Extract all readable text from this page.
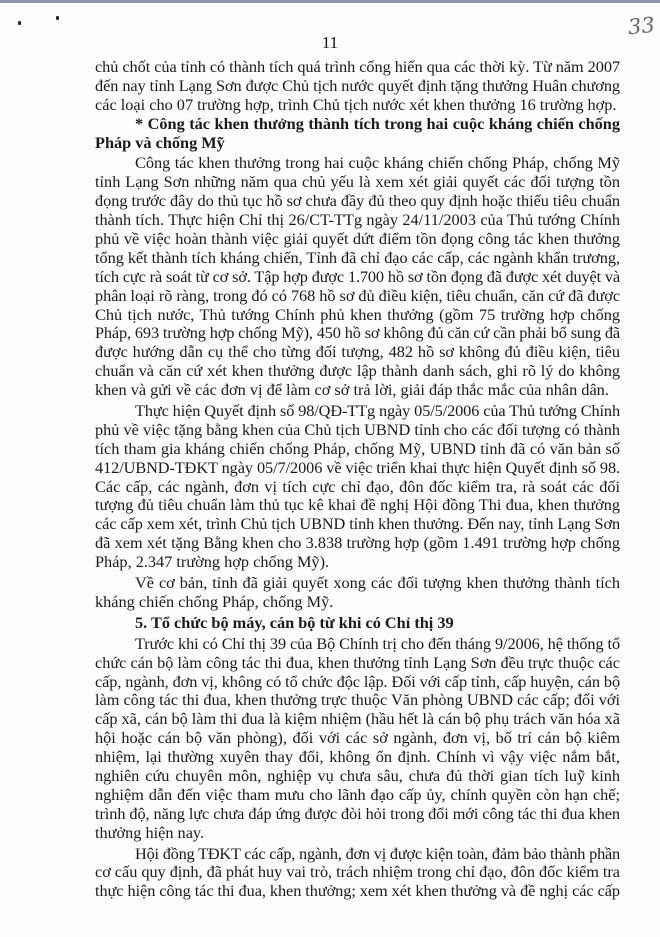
33
11
chủ chốt của tỉnh có thành tích quá trình cống hiến qua các thời kỳ. Từ năm 2007
đến nay tỉnh Lạng Sơn được Chủ tịch nước quyết định tặng thưởng Huân chương
các loại cho 07 trường hợp, trình Chủ tịch nước xét khen thưởng 16 trường hợp.
* Công tác khen thưởng thành tích trong hai cuộc kháng chiến chống
Pháp và chống Mỹ
Công tác khen thưởng trong hai cuộc kháng chiến chống Pháp, chống Mỹ
tỉnh Lạng Sơn những năm qua chủ yếu là xem xét giải quyết các đối tượng tồn
đọng trước đây do thủ tục hồ sơ chưa đầy đủ theo quy định hoặc thiếu tiêu chuẩn
thành tích. Thực hiện Chỉ thị 26/CT-TTg ngày 24/11/2003 của Thủ tướng Chính
phủ về việc hoàn thành việc giải quyết dứt điểm tồn đọng công tác khen thưởng
tổng kết thành tích kháng chiến, Tỉnh đã chỉ đạo các cấp, các ngành khẩn trương,
tích cực rà soát từ cơ sở. Tập hợp được 1.700 hồ sơ tồn đọng đã được xét duyệt và
phân loại rõ ràng, trong đó có 768 hồ sơ đủ điều kiện, tiêu chuẩn, căn cứ đã được
Chủ tịch nước, Thủ tướng Chính phủ khen thưởng (gồm 75 trường hợp chống
Pháp, 693 trường hợp chống Mỹ), 450 hồ sơ không đủ căn cứ cần phải bổ sung đã
được hướng dẫn cụ thể cho từng đối tượng, 482 hồ sơ không đủ điều kiện, tiêu
chuẩn và căn cứ xét khen thưởng được lập thành danh sách, ghi rõ lý do không
khen và gửi về các đơn vị để làm cơ sở trả lời, giải đáp thắc mắc của nhân dân.
Thực hiện Quyết định số 98/QĐ-TTg ngày 05/5/2006 của Thủ tướng Chính
phủ về việc tặng bằng khen của Chủ tịch UBND tỉnh cho các đối tượng có thành
tích tham gia kháng chiến chống Pháp, chống Mỹ, UBND tỉnh đã có văn bản số
412/UBND-TĐKT ngày 05/7/2006 về việc triển khai thực hiện Quyết định số 98.
Các cấp, các ngành, đơn vị tích cực chỉ đạo, đôn đốc kiểm tra, rà soát các đối
tượng đủ tiêu chuẩn làm thủ tục kê khai đề nghị Hội đồng Thi đua, khen thưởng
các cấp xem xét, trình Chủ tịch UBND tỉnh khen thưởng. Đến nay, tỉnh Lạng Sơn
đã xem xét tặng Bằng khen cho 3.838 trường hợp (gồm 1.491 trường hợp chống
Pháp, 2.347 trường hợp chống Mỹ).
Về cơ bản, tỉnh đã giải quyết xong các đối tượng khen thưởng thành tích
kháng chiến chống Pháp, chống Mỹ.
5. Tổ chức bộ máy, cán bộ từ khi có Chỉ thị 39
Trước khi có Chỉ thị 39 của Bộ Chính trị cho đến tháng 9/2006, hệ thống tổ
chức cán bộ làm công tác thi đua, khen thưởng tỉnh Lạng Sơn đều trực thuộc các
cấp, ngành, đơn vị, không có tổ chức độc lập. Đối với cấp tỉnh, cấp huyện, cán bộ
làm công tác thi đua, khen thưởng trực thuộc Văn phòng UBND các cấp; đối với
cấp xã, cán bộ làm thi đua là kiệm nhiệm (hầu hết là cán bộ phụ trách văn hóa xã
hội hoặc cán bộ văn phòng), đối với các sở ngành, đơn vị, bố trí cán bộ kiêm
nhiệm, lại thường xuyên thay đổi, không ổn định. Chính vì vậy việc nắm bắt,
nghiên cứu chuyên môn, nghiệp vụ chưa sâu, chưa đủ thời gian tích luỹ kinh
nghiệm dẫn đến việc tham mưu cho lãnh đạo cấp ủy, chính quyền còn hạn chế;
trình độ, năng lực chưa đáp ứng được đòi hỏi trong đổi mới công tác thi đua khen
thưởng hiện nay.
Hội đồng TĐKT các cấp, ngành, đơn vị được kiện toàn, đảm bảo thành phần
cơ cấu quy định, đã phát huy vai trò, trách nhiệm trong chỉ đạo, đôn đốc kiểm tra
thực hiện công tác thi đua, khen thưởng; xem xét khen thưởng và đề nghị các cấp
